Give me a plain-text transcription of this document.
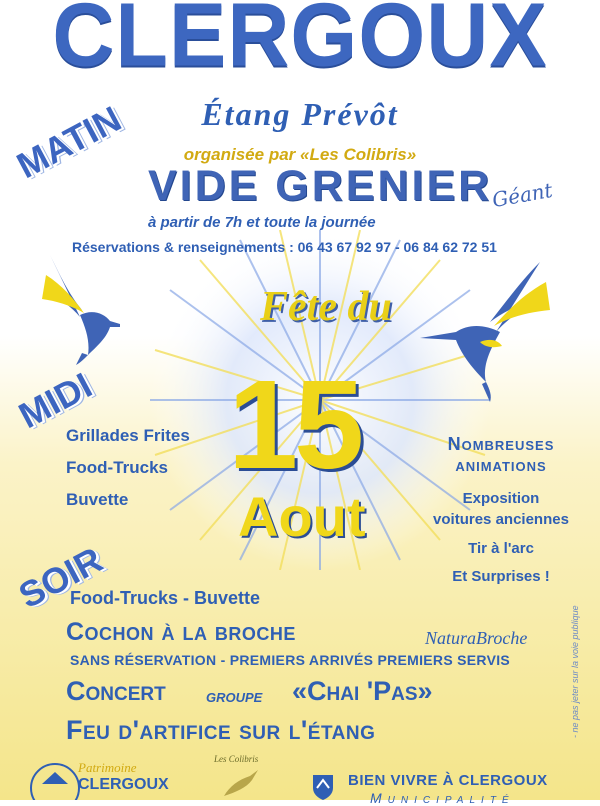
CLERGOUX
Étang Prévôt
MATIN	organisée par «Les Colibris»
VIDE GRENIER
Géant
à partir de 7h et toute la journée
Réservations & renseignements : 06 43 67 92 97 - 06 84 62 72 51
Fête du
15
Aout
MIDI
Grillades Frites
Food-Trucks
Buvette
Nombreuses
animations
Exposition
voitures anciennes
Tir à l'arc
Et Surprises !
SOIR
Food-Trucks - Buvette
Cochon à la broche	NaturaBroche
SANS RÉSERVATION - PREMIERS ARRIVÉS PREMIERS SERVIS
Concert groupe «Chai 'Pas»
Feu d'artifice sur l'étang	- ne pas jeter sur la voie publique
Patrimoine
CLERGOUX
Les Colibris
BIEN VIVRE À CLERGOUX
Municipalité
